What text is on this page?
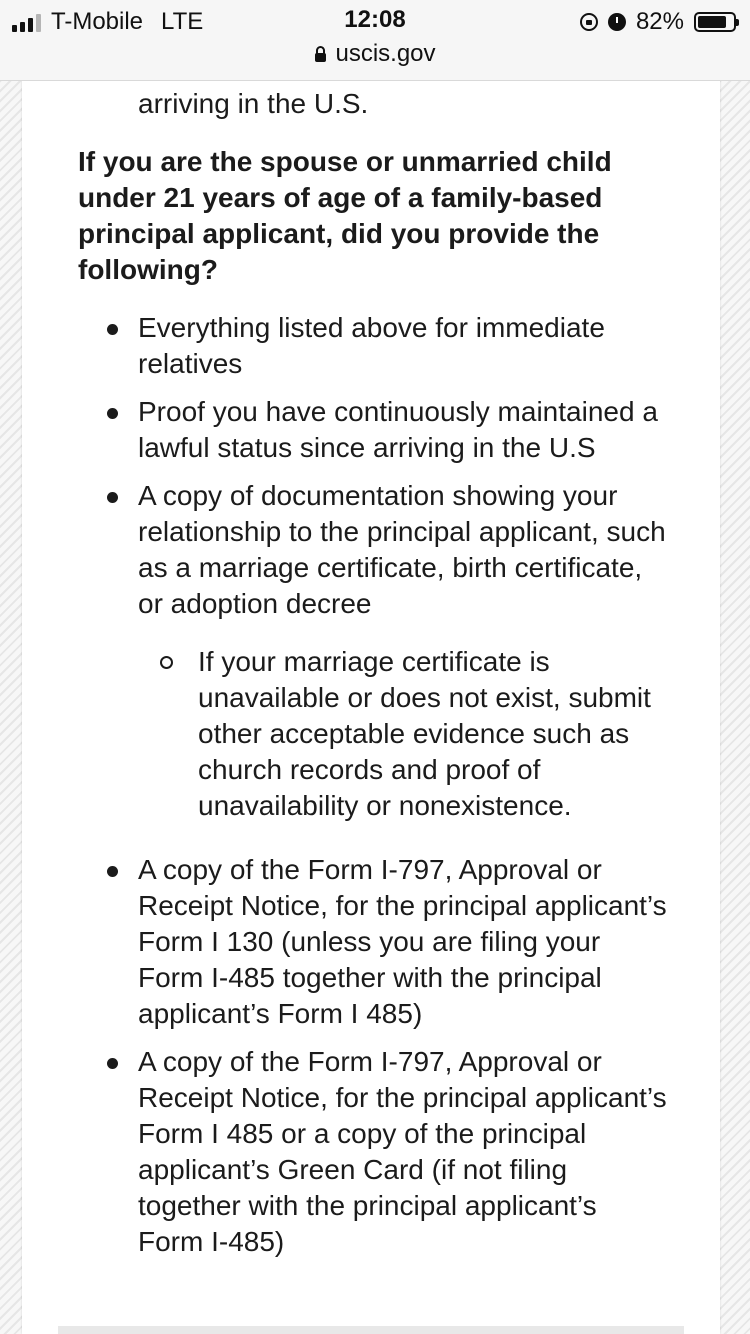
T-Mobile LTE	12:08
uscis.gov
82%
arriving in the U.S.

If you are the spouse or unmarried child under 21 years of age of a family-based principal applicant, did you provide the following?

Everything listed above for immediate relatives
Proof you have continuously maintained a lawful status since arriving in the U.S
A copy of documentation showing your relationship to the principal applicant, such as a marriage certificate, birth certificate, or adoption decree
If your marriage certificate is unavailable or does not exist, submit other acceptable evidence such as church records and proof of unavailability or nonexistence.
A copy of the Form I-797, Approval or Receipt Notice, for the principal applicant’s Form I 130 (unless you are filing your Form I-485 together with the principal applicant’s Form I 485)
A copy of the Form I-797, Approval or Receipt Notice, for the principal applicant’s Form I 485 or a copy of the principal applicant’s Green Card (if not filing together with the principal applicant’s Form I-485)
